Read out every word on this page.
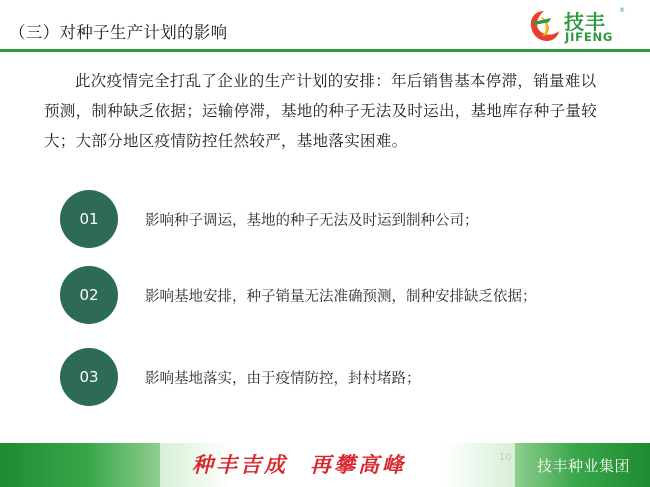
（三）对种子生产计划的影响	技丰
JIFENG
®
此次疫情完全打乱了企业的生产计划的安排：年后销售基本停滞，销量难以预测，制种缺乏依据；运输停滞，基地的种子无法及时运出，基地库存种子量较大；大部分地区疫情防控任然较严，基地落实困难。
01	影响种子调运，基地的种子无法及时运到制种公司；
02	影响基地安排，种子销量无法准确预测，制种安排缺乏依据；
03	影响基地落实，由于疫情防控，封村堵路；
种丰吉成 再攀高峰	10 技丰种业集团
